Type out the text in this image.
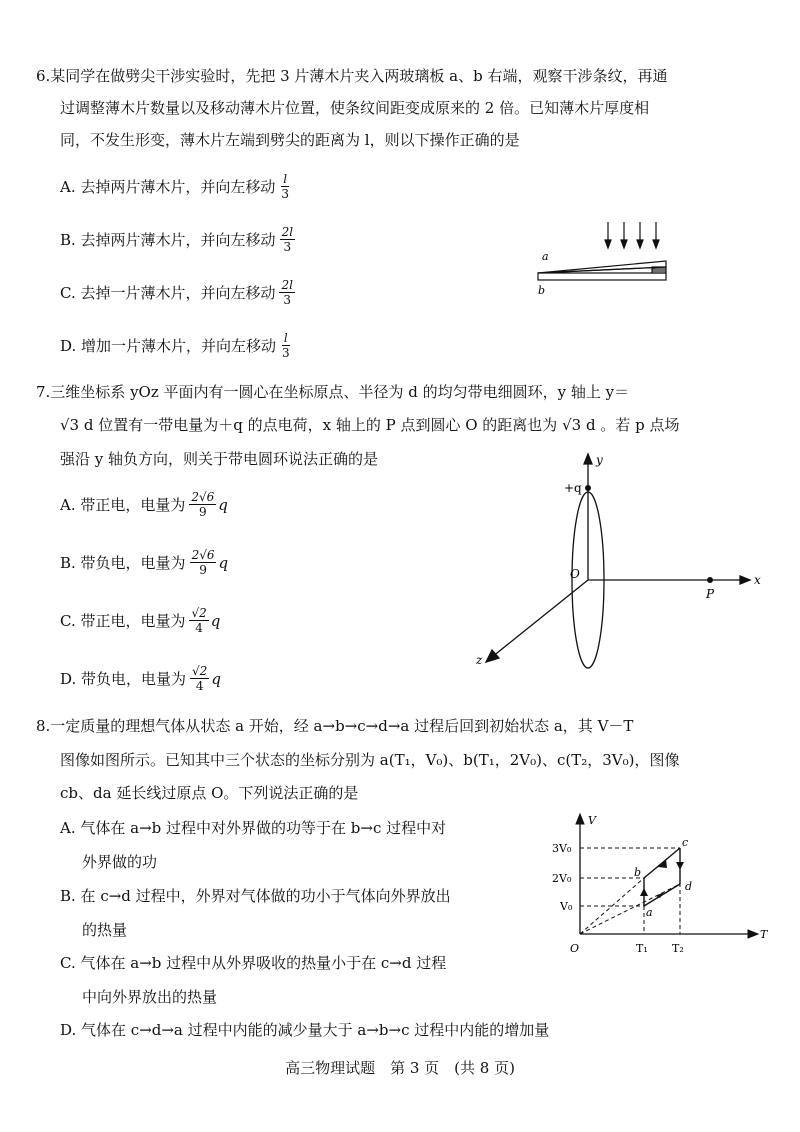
6.某同学在做劈尖干涉实验时，先把 3 片薄木片夹入两玻璃板 a、b 右端，观察干涉条纹，再通
过调整薄木片数量以及移动薄木片位置，使条纹间距变成原来的 2 倍。已知薄木片厚度相
同，不发生形变，薄木片左端到劈尖的距离为 l，则以下操作正确的是
A. 去掉两片薄木片，并向左移动 $\frac{l}{3}$
B. 去掉两片薄木片，并向左移动 $\frac{2l}{3}$
C. 去掉一片薄木片，并向左移动 $\frac{2l}{3}$
D. 增加一片薄木片，并向左移动 $\frac{l}{3}$
a
b
7.三维坐标系 yOz 平面内有一圆心在坐标原点、半径为 d 的均匀带电细圆环，y 轴上 y＝
√3 d 位置有一带电量为＋q 的点电荷，x 轴上的 P 点到圆心 O 的距离也为 √3 d 。若 p 点场
强沿 y 轴负方向，则关于带电圆环说法正确的是
A. 带正电，电量为 $\frac{2√6}{9}$ q
B. 带负电，电量为 $\frac{2√6}{9}$ q
C. 带正电，电量为 $\frac{√2}{4}$ q
D. 带负电，电量为 $\frac{√2}{4}$ q
y
+q
O	x
P
z
8.一定质量的理想气体从状态 a 开始，经 a→b→c→d→a 过程后回到初始状态 a，其 V－T
图像如图所示。已知其中三个状态的坐标分别为 a(T₁，V₀)、b(T₁，2V₀)、c(T₂，3V₀)，图像
cb、da 延长线过原点 O。下列说法正确的是
A. 气体在 a→b 过程中对外界做的功等于在 b→c 过程中对
外界做的功
B. 在 c→d 过程中，外界对气体做的功小于气体向外界放出
的热量
C. 气体在 a→b 过程中从外界吸收的热量小于在 c→d 过程
中向外界放出的热量
D. 气体在 c→d→a 过程中内能的减少量大于 a→b→c 过程中内能的增加量
V
T
3V₀
2V₀
V₀
O	T₁ T₂
a
b
c
d
高三物理试题　第 3 页　(共 8 页)
